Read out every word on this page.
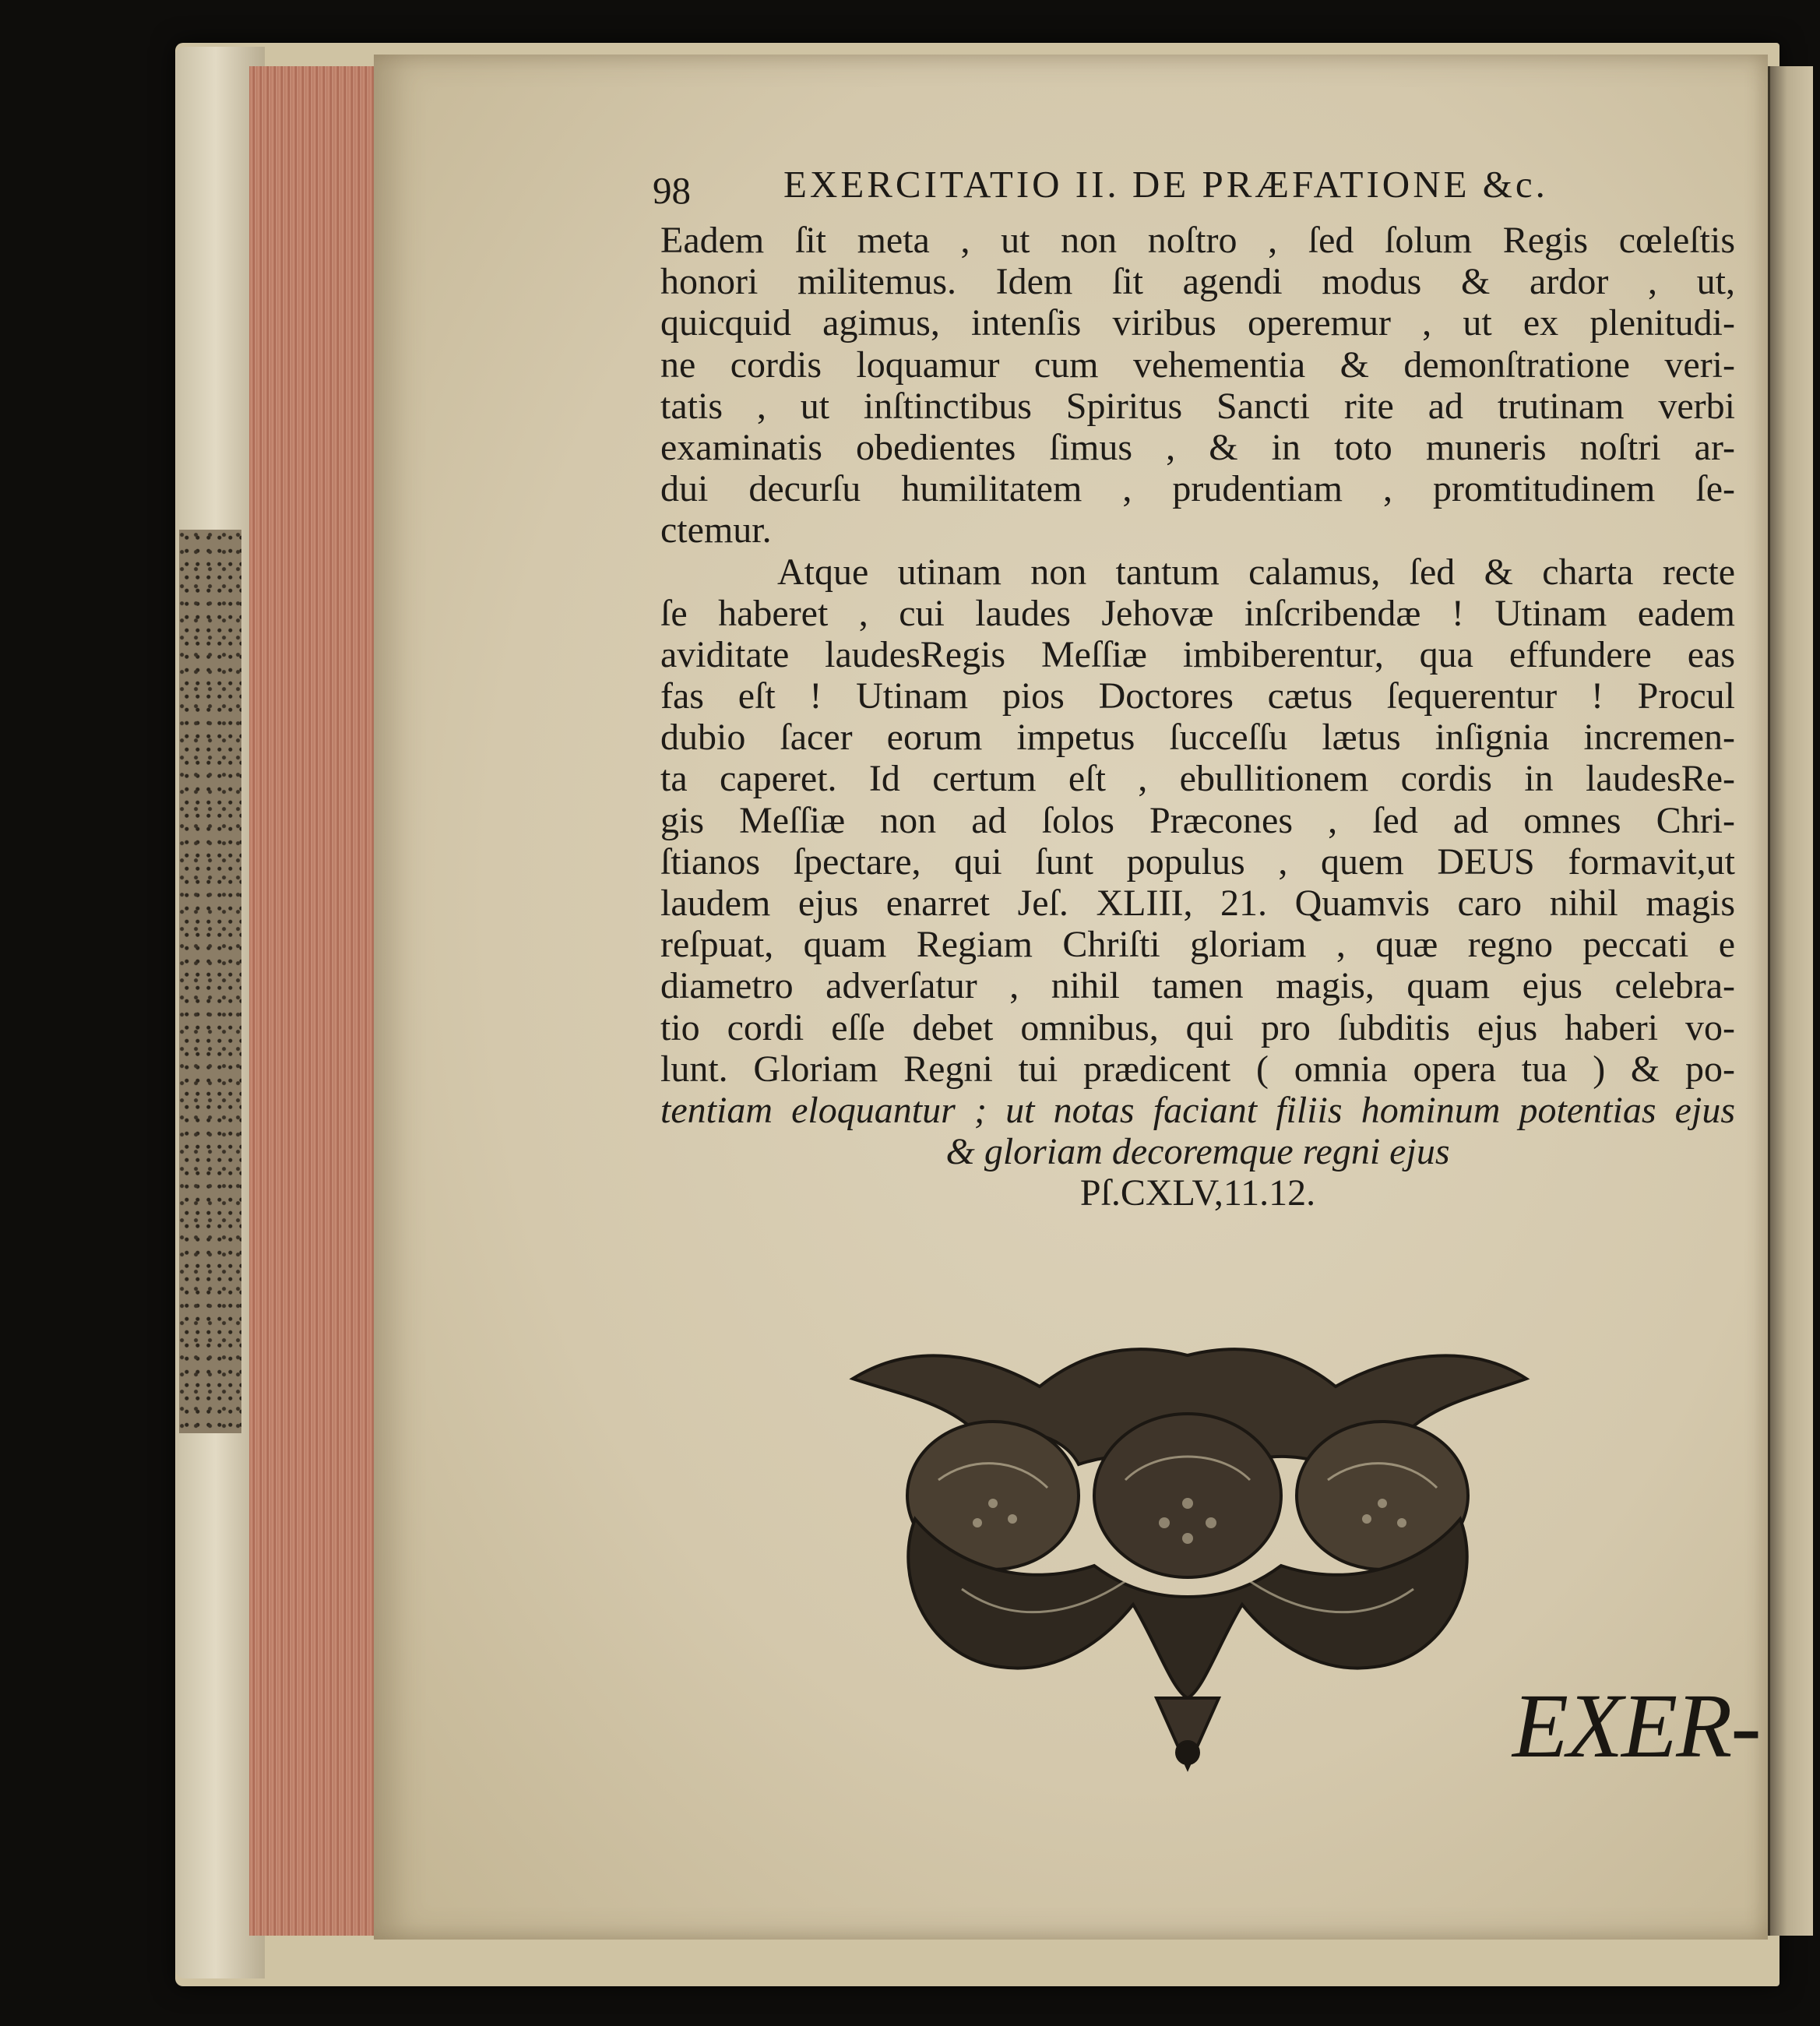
98 EXERCITATIO II. DE PRÆFATIONE &c.
Eadem ſit meta , ut non noſtro , ſed ſolum Regis cœleſtis
honori militemus. Idem ſit agendi modus & ardor , ut,
quicquid agimus, intenſis viribus operemur , ut ex plenitudi-
ne cordis loquamur cum vehementia & demonſtratione veri-
tatis , ut inſtinctibus Spiritus Sancti rite ad trutinam verbi
examinatis obedientes ſimus , & in toto muneris noſtri ar-
dui decurſu humilitatem , prudentiam , promtitudinem ſe-
ctemur.
Atque utinam non tantum calamus, ſed & charta recte
ſe haberet , cui laudes Jehovæ inſcribendæ ! Utinam eadem
aviditate laudesRegis Meſſiæ imbiberentur, qua effundere eas
fas eſt ! Utinam pios Doctores cætus ſequerentur ! Procul
dubio ſacer eorum impetus ſucceſſu lætus inſignia incremen-
ta caperet. Id certum eſt , ebullitionem cordis in laudesRe-
gis Meſſiæ non ad ſolos Præcones , ſed ad omnes Chri-
ſtianos ſpectare, qui ſunt populus , quem DEUS formavit,ut
laudem ejus enarret Jeſ. XLIII, 21. Quamvis caro nihil magis
reſpuat, quam Regiam Chriſti gloriam , quæ regno peccati e
diametro adverſatur , nihil tamen magis, quam ejus celebra-
tio cordi eſſe debet omnibus, qui pro ſubditis ejus haberi vo-
lunt. Gloriam Regni tui prædicent ( omnia opera tua ) & po-
tentiam eloquantur ; ut notas faciant filiis hominum potentias ejus
& gloriam decoremque regni ejus
Pſ.CXLV,11.12.
EXER-
